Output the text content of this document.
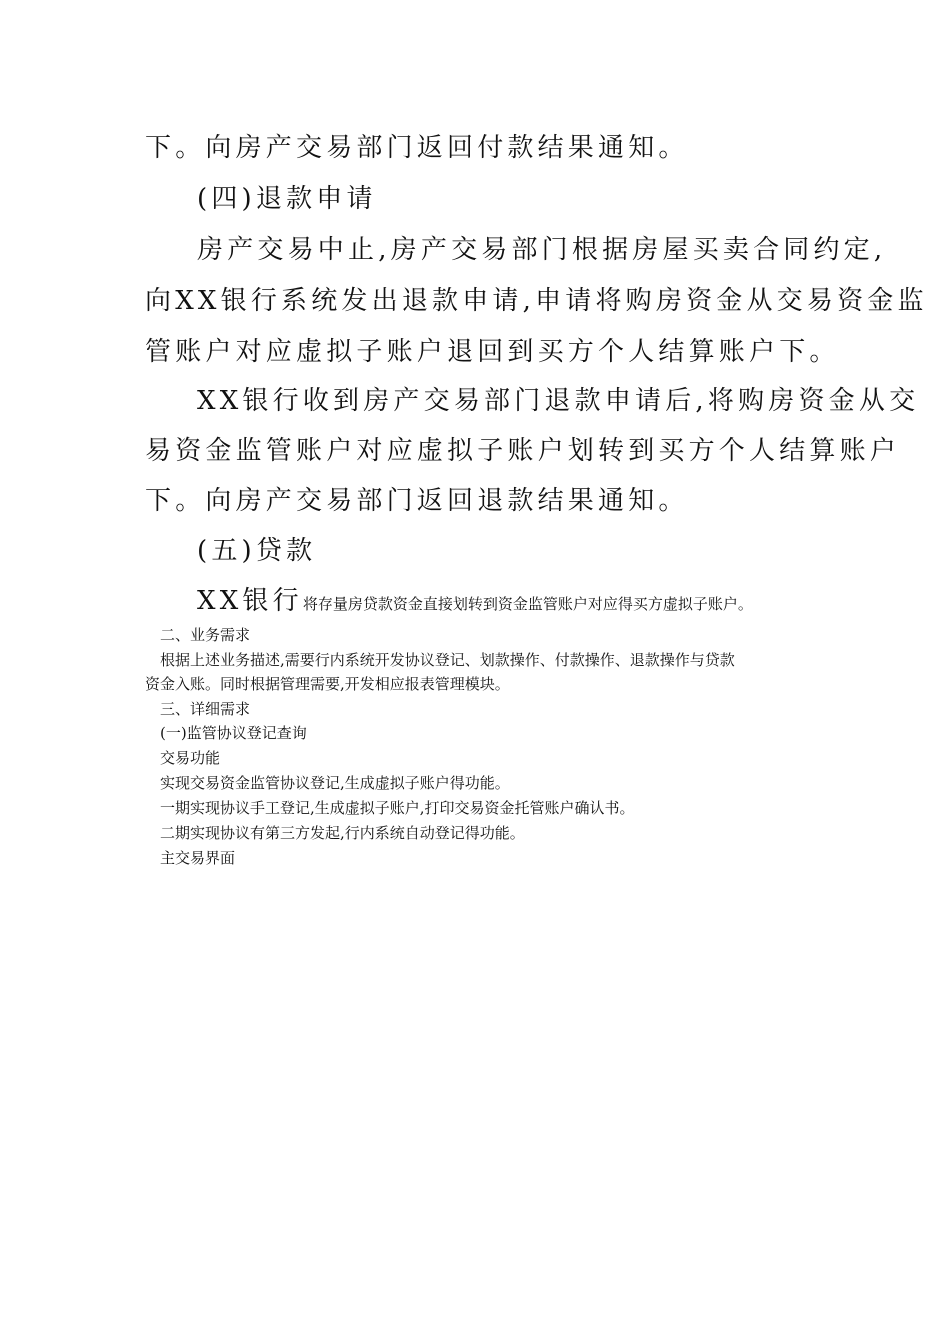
下。向房产交易部门返回付款结果通知。
(四)退款申请
房产交易中止,房产交易部门根据房屋买卖合同约定,
向XX银行系统发出退款申请,申请将购房资金从交易资金监
管账户对应虚拟子账户退回到买方个人结算账户下。
XX银行收到房产交易部门退款申请后,将购房资金从交
易资金监管账户对应虚拟子账户划转到买方个人结算账户
下。向房产交易部门返回退款结果通知。
(五)贷款
XX银行将存量房贷款资金直接划转到资金监管账户对应得买方虚拟子账户。
二、业务需求
根据上述业务描述,需要行内系统开发协议登记、划款操作、付款操作、退款操作与贷款
资金入账。同时根据管理需要,开发相应报表管理模块。
三、详细需求
(一)监管协议登记查询
交易功能
实现交易资金监管协议登记,生成虚拟子账户得功能。
一期实现协议手工登记,生成虚拟子账户,打印交易资金托管账户确认书。
二期实现协议有第三方发起,行内系统自动登记得功能。
主交易界面
